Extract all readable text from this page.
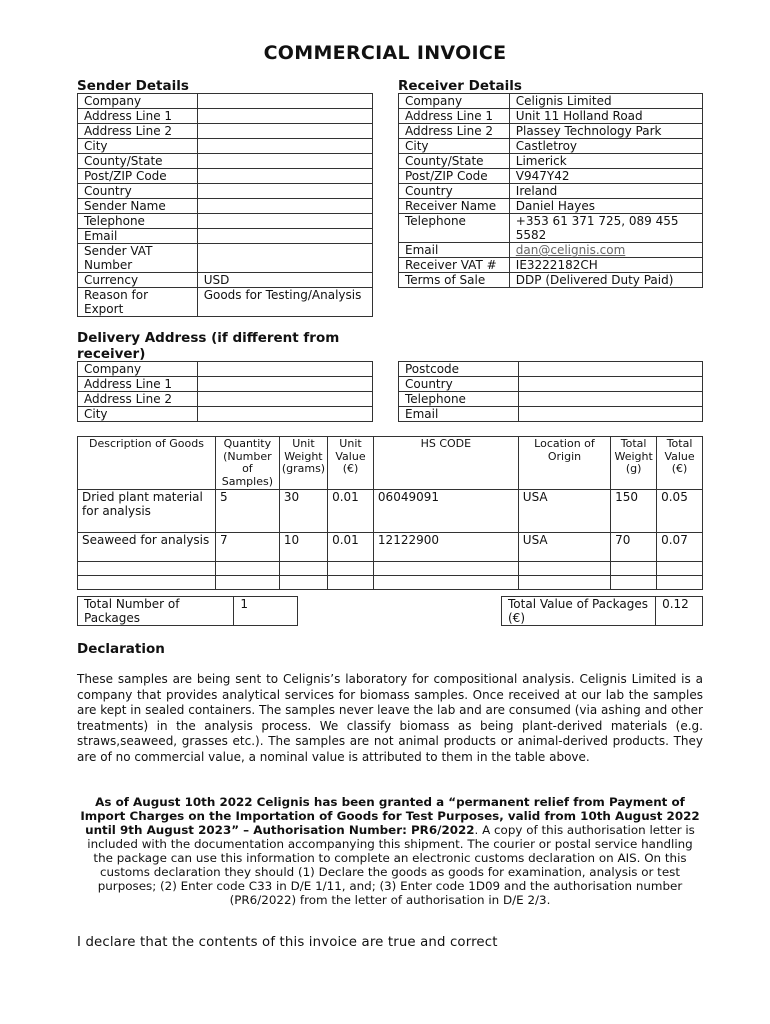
COMMERCIAL INVOICE
Sender Details
Company	
Address Line 1	
Address Line 2	
City	
County/State	
Post/ZIP Code	
Country	
Sender Name	
Telephone	
Email	
Sender VAT Number	
Currency	USD
Reason for Export	Goods for Testing/Analysis
Receiver Details
Company	Celignis Limited
Address Line 1	Unit 11 Holland Road
Address Line 2	Plassey Technology Park
City	Castletroy
County/State	Limerick
Post/ZIP Code	V947Y42
Country	Ireland
Receiver Name	Daniel Hayes
Telephone	+353 61 371 725, 089 455 5582
Email	dan@celignis.com
Receiver VAT #	IE3222182CH
Terms of Sale	DDP (Delivered Duty Paid)
Delivery Address (if different from receiver)
Company	
Address Line 1	
Address Line 2	
City	
Postcode	
Country	
Telephone	
Email	
Description of Goods	Quantity (Number of Samples)	Unit Weight (grams)	Unit Value (€)	HS CODE	Location of Origin	Total Weight (g)	Total Value (€)
Dried plant material for analysis	5	30	0.01	06049091	USA	150	0.05
Seaweed for analysis	7	10	0.01	12122900	USA	70	0.07

Total Number of Packages	1	Total Value of Packages (€)	0.12
Declaration

These samples are being sent to Celignis’s laboratory for compositional analysis. Celignis Limited is a company that provides analytical services for biomass samples. Once received at our lab the samples are kept in sealed containers. The samples never leave the lab and are consumed (via ashing and other treatments) in the analysis process. We classify biomass as being plant-derived materials (e.g. straws,seaweed, grasses etc.). The samples are not animal products or animal-derived products. They are of no commercial value, a nominal value is attributed to them in the table above.

As of August 10th 2022 Celignis has been granted a “permanent relief from Payment of Import Charges on the Importation of Goods for Test Purposes, valid from 10th August 2022 until 9th August 2023” – Authorisation Number: PR6/2022. A copy of this authorisation letter is included with the documentation accompanying this shipment. The courier or postal service handling the package can use this information to complete an electronic customs declaration on AIS. On this customs declaration they should (1) Declare the goods as goods for examination, analysis or test purposes; (2) Enter code C33 in D/E 1/11, and; (3) Enter code 1D09 and the authorisation number (PR6/2022) from the letter of authorisation in D/E 2/3.

I declare that the contents of this invoice are true and correct
